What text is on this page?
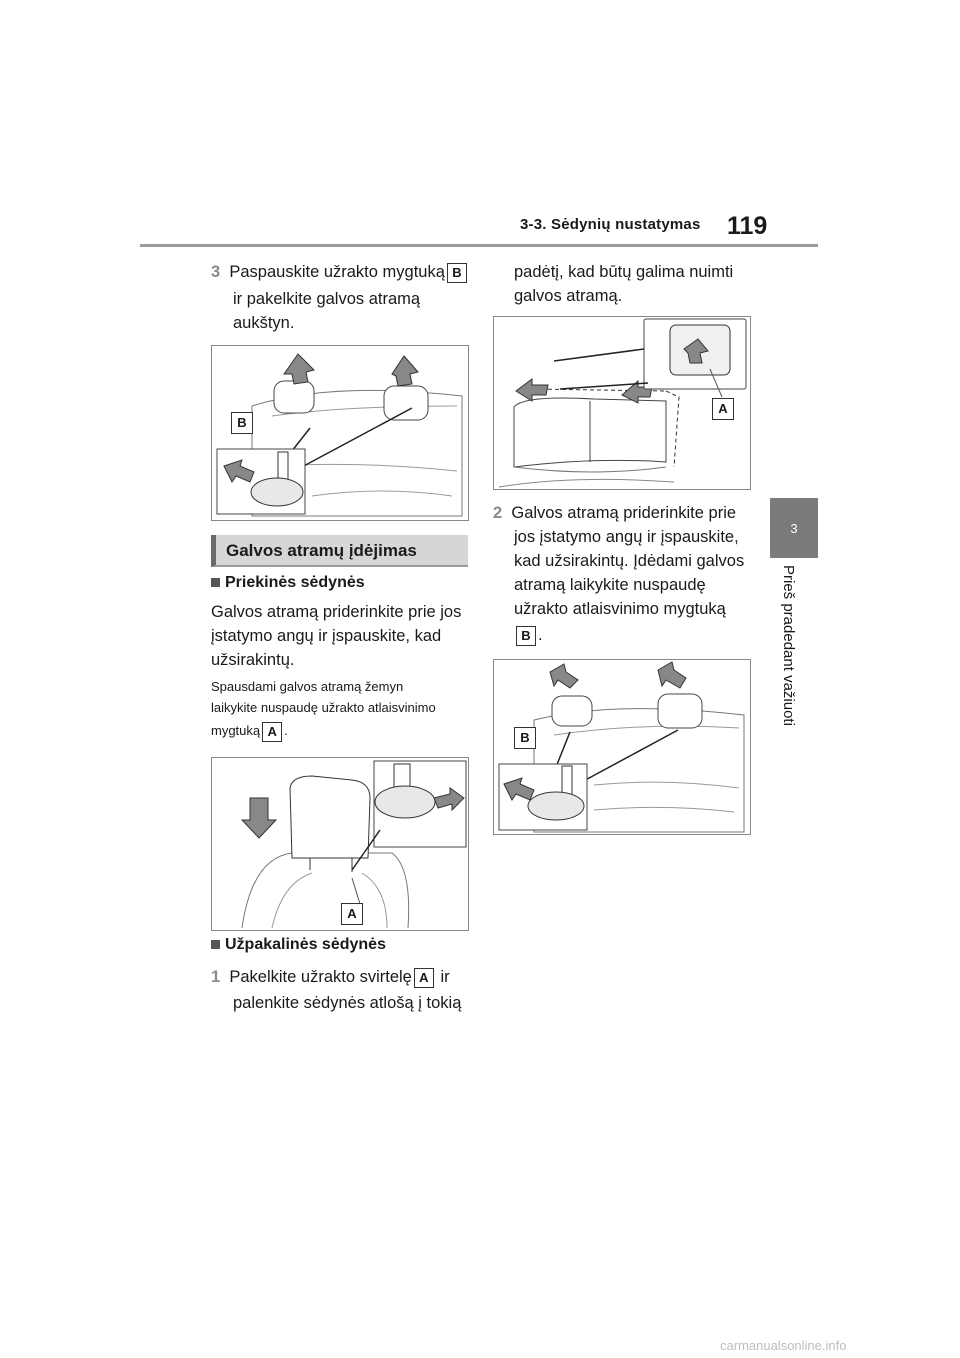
3-3. Sėdynių nustatymas 119
3
Prieš pradedant važiuoti
3 Paspauskite užrakto mygtuką B
ir pakelkite galvos atramą
aukštyn.
B
Galvos atramų įdėjimas
Priekinės sėdynės
Galvos atramą priderinkite prie jos
įstatymo angų ir įspauskite, kad
užsirakintų.
Spausdami galvos atramą žemyn
laikykite nuspaudę užrakto atlaisvinimo
mygtuką A .
A
Užpakalinės sėdynės
1 Pakelkite užrakto svirtelę A ir
palenkite sėdynės atlošą į tokią
padėtį, kad būtų galima nuimti
galvos atramą.
A
2 Galvos atramą priderinkite prie
jos įstatymo angų ir įspauskite,
kad užsirakintų. Įdėdami galvos
atramą laikykite nuspaudę
užrakto atlaisvinimo mygtuką
B .
B
carmanualsonline.info
